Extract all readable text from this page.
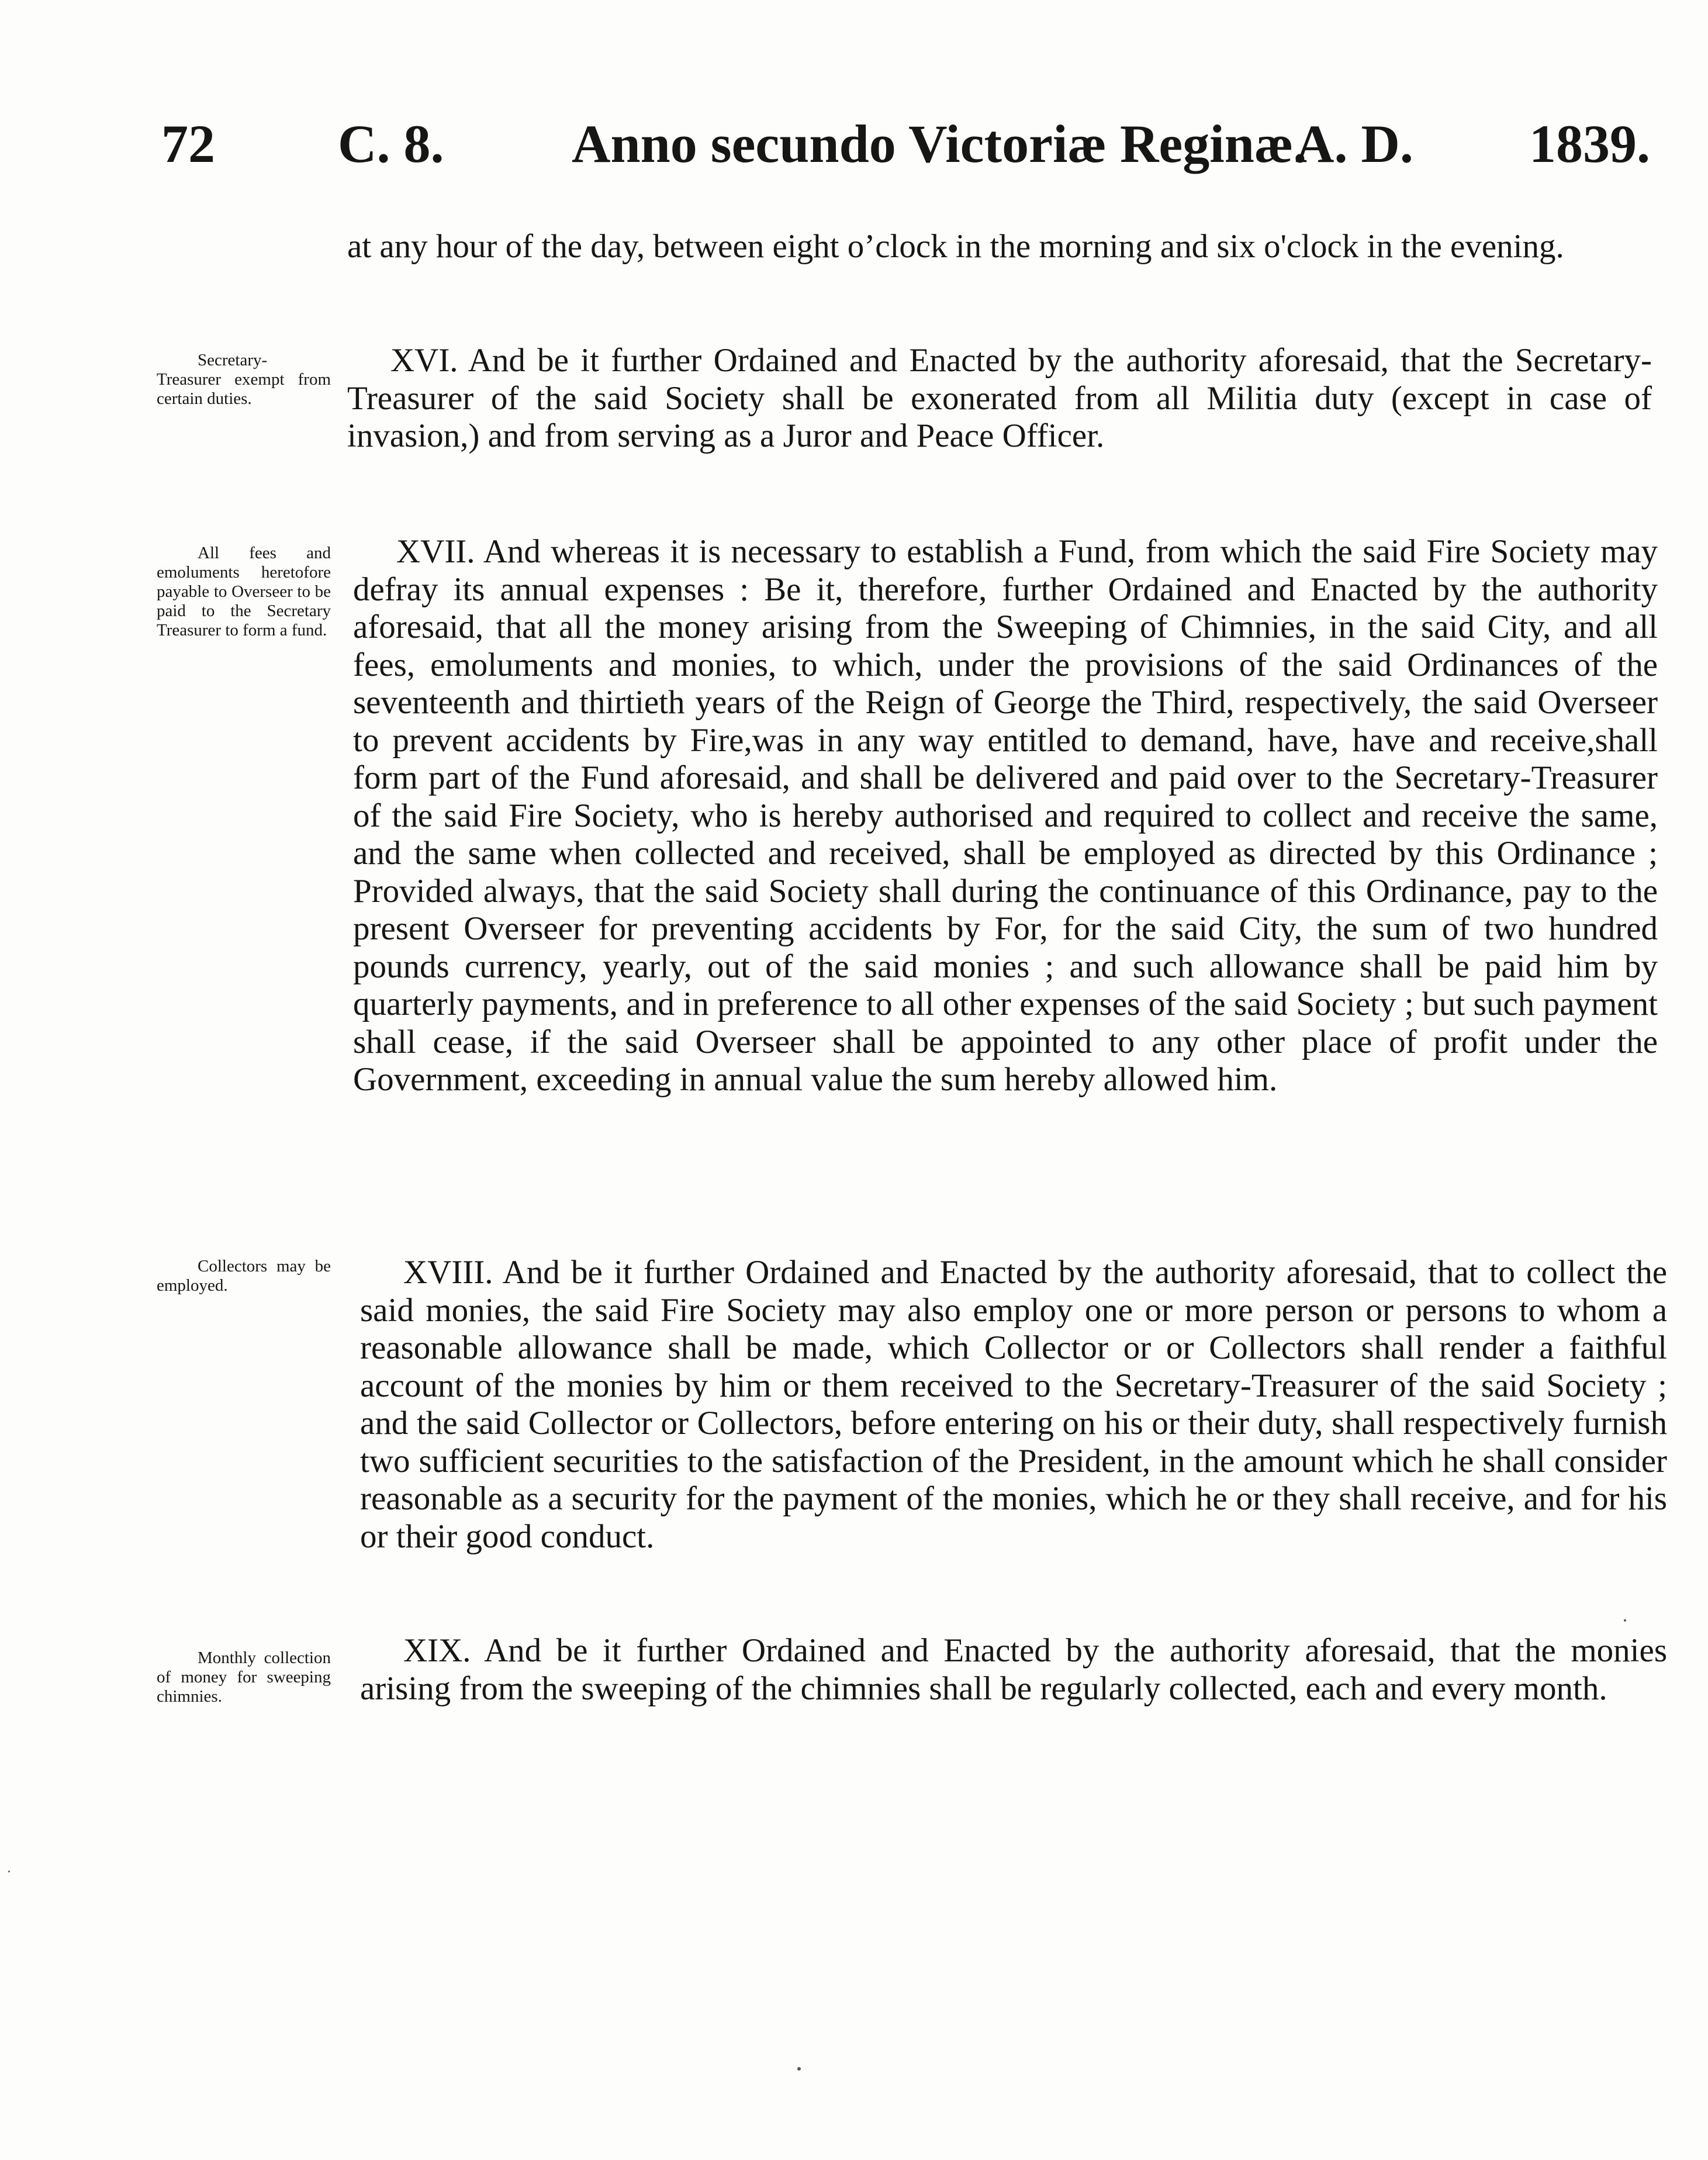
72 C. 8. Anno secundo Victoriæ Reginæ.
A. D. 1839.

at any hour of the day, between eight o’clock in the morning and six o'clock in the evening.

Secretary-Treasurer exempt from certain duties.

XVI. And be it further Ordained and Enacted by the authority aforesaid, that the Secretary-Treasurer of the said Society shall be exonerated from all Militia duty (except in case of invasion,) and from serving as a Juror and Peace Officer.

All fees and emoluments heretofore payable to Overseer to be paid to the Secretary Treasurer to form a fund.

XVII. And whereas it is necessary to establish a Fund, from which the said Fire Society may defray its annual expenses : Be it, therefore, further Ordained and Enacted by the authority aforesaid, that all the money arising from the Sweeping of Chimnies, in the said City, and all fees, emoluments and monies, to which, under the provisions of the said Ordinances of the seventeenth and thirtieth years of the Reign of George the Third, respectively, the said Overseer to prevent accidents by Fire,was in any way entitled to demand, have, have and receive,shall form part of the Fund aforesaid, and shall be delivered and paid over to the Secretary-Treasurer of the said Fire Society, who is hereby authorised and required to collect and receive the same, and the same when collected and received, shall be employed as directed by this Ordinance ; Provided always, that the said Society shall during the continuance of this Ordinance, pay to the present Overseer for preventing accidents by For, for the said City, the sum of two hundred pounds currency, yearly, out of the said monies ; and such allowance shall be paid him by quarterly payments, and in preference to all other expenses of the said Society ; but such payment shall cease, if the said Overseer shall be appointed to any other place of profit under the Government, exceeding in annual value the sum hereby allowed him.

Collectors may be employed.	XVIII. And be it further Ordained and Enacted by the authority aforesaid, that to collect the said monies, the said Fire Society may also employ one or more person or persons to whom a reasonable allowance shall be made, which Collector or or Collectors shall render a faithful account of the monies by him or them received to the Secretary-Treasurer of the said Society ; and the said Collector or Collectors, before entering on his or their duty, shall respectively furnish two sufficient securities to the satisfaction of the President, in the amount which he shall consider reasonable as a security for the payment of the monies, which he or they shall receive, and for his or their good conduct.

Monthly collection of money for sweeping chimnies.

XIX. And be it further Ordained and Enacted by the authority aforesaid, that the monies arising from the sweeping of the chimnies shall be regularly collected, each and every month.
